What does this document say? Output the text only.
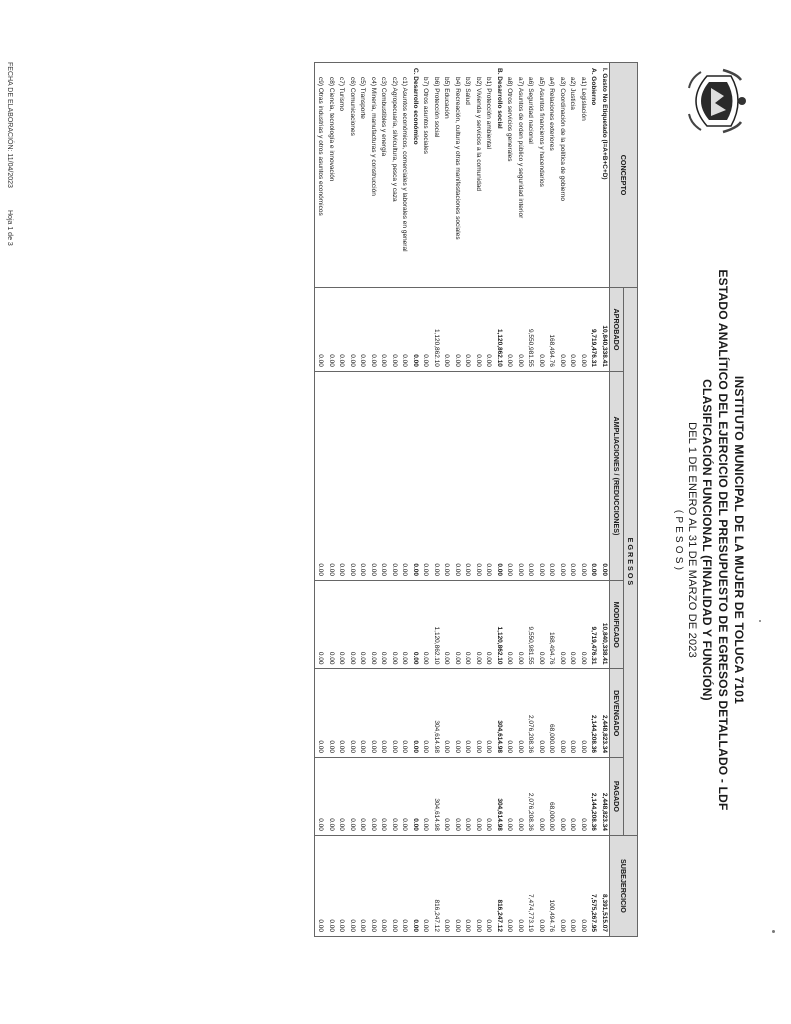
INSTITUTO MUNICIPAL DE LA MUJER DE TOLUCA 7101
ESTADO ANALÍTICO DEL EJERCICIO DEL PRESUPUESTO DE EGRESOS DETALLADO - LDF
CLASIFICACIÓN FUNCIONAL (FINALIDAD Y FUNCIÓN)
DEL 1 DE ENERO AL 31 DE MARZO DE 2023
( P E S O S )
CONCEPTO	E G R E S O S					SUBEJERCICIO
	APROBADO	AMPLIACIONES / (REDUCCIONES)	MODIFICADO	DEVENGADO	PAGADO	
I. Gasto No Etiquetado (I=A+B+C+D)	10,840,338.41	0.00	10,840,338.41	2,448,823.34	2,448,823.34	8,391,515.07
A. Gobierno	9,719,476.31	0.00	9,719,476.31	2,144,208.36	2,144,208.36	7,575,267.95
a1) Legislación	0.00	0.00	0.00	0.00	0.00	0.00
a2) Justicia	0.00	0.00	0.00	0.00	0.00	0.00
a3) Coordinación de la política de gobierno	0.00	0.00	0.00	0.00	0.00	0.00
a4) Relaciones exteriores	168,494.76	0.00	168,494.76	68,000.00	68,000.00	100,494.76
a5) Asuntos financieros y hacendarios	0.00	0.00	0.00	0.00	0.00	0.00
a6) Seguridad nacional	9,550,981.55	0.00	9,550,981.55	2,076,208.36	2,076,208.36	7,474,773.19
a7) Asuntos de orden público y seguridad interior	0.00	0.00	0.00	0.00	0.00	0.00
a8) Otros servicios generales	0.00	0.00	0.00	0.00	0.00	0.00
B. Desarrollo social	1,120,862.10	0.00	1,120,862.10	304,614.98	304,614.98	816,247.12
b1) Protección ambiental	0.00	0.00	0.00	0.00	0.00	0.00
b2) Vivienda y servicios a la comunidad	0.00	0.00	0.00	0.00	0.00	0.00
b3) Salud	0.00	0.00	0.00	0.00	0.00	0.00
b4) Recreación, cultura y otras manifestaciones sociales	0.00	0.00	0.00	0.00	0.00	0.00
b5) Educación	0.00	0.00	0.00	0.00	0.00	0.00
b6) Protección social	1,120,862.10	0.00	1,120,862.10	304,614.98	304,614.98	816,247.12
b7) Otros asuntos sociales	0.00	0.00	0.00	0.00	0.00	0.00
C. Desarrollo económico	0.00	0.00	0.00	0.00	0.00	0.00
c1) Asuntos económicos, comerciales y laborales en general	0.00	0.00	0.00	0.00	0.00	0.00
c2) Agropecuaria, silvicultura, pesca y caza	0.00	0.00	0.00	0.00	0.00	0.00
c3) Combustibles y energía	0.00	0.00	0.00	0.00	0.00	0.00
c4) Minería, manufacturas y construcción	0.00	0.00	0.00	0.00	0.00	0.00
c5) Transporte	0.00	0.00	0.00	0.00	0.00	0.00
c6) Comunicaciones	0.00	0.00	0.00	0.00	0.00	0.00
c7) Turismo	0.00	0.00	0.00	0.00	0.00	0.00
c8) Ciencia, tecnología e innovación	0.00	0.00	0.00	0.00	0.00	0.00
c9) Otras industrias y otros asuntos económicos	0.00	0.00	0.00	0.00	0.00	0.00
FECHA DE ELABORACIÓN: 11/04/2023
Hoja 1 de 3
